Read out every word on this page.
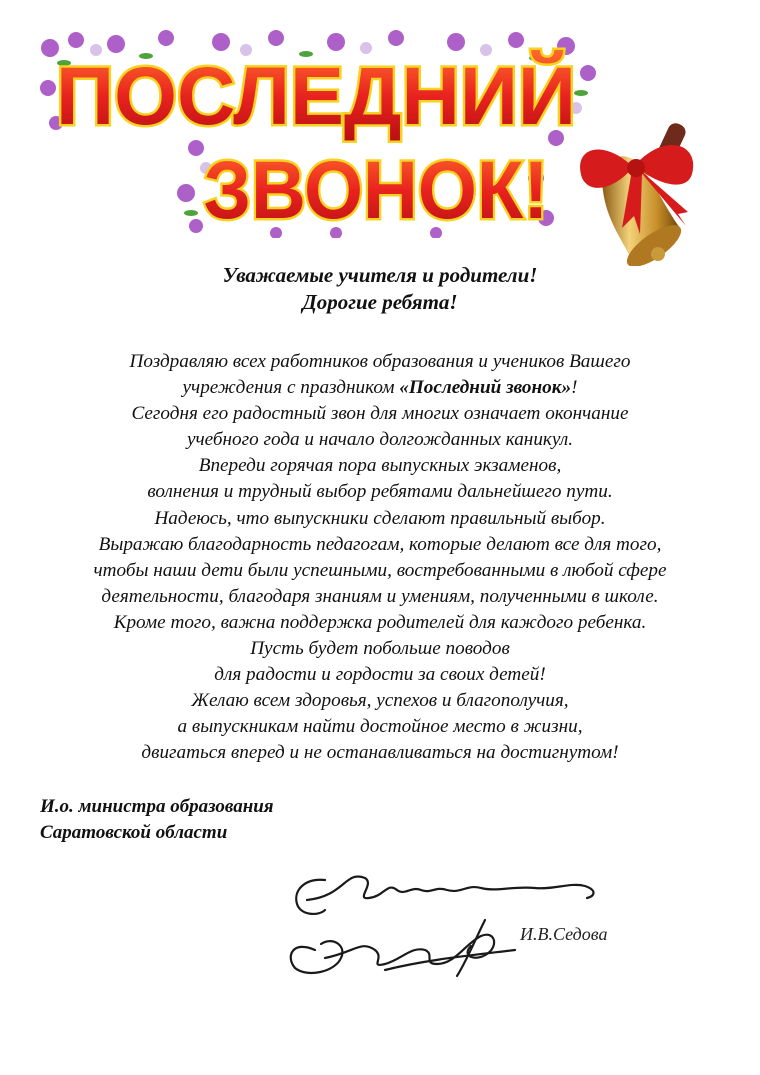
ПОСЛЕДНИЙ
ЗВОНОК!
Уважаемые учителя и родители!
Дорогие ребята!
Поздравляю всех работников образования и учеников Вашего
учреждения с праздником «Последний звонок»!
Сегодня его радостный звон для многих означает окончание
учебного года и начало долгожданных каникул.
Впереди горячая пора выпускных экзаменов,
волнения и трудный выбор ребятами дальнейшего пути.
Надеюсь, что выпускники сделают правильный выбор.
Выражаю благодарность педагогам, которые делают все для того,
чтобы наши дети были успешными, востребованными в любой сфере
деятельности, благодаря знаниям и умениям, полученными в школе.
Кроме того, важна поддержка родителей для каждого ребенка.
Пусть будет побольше поводов
для радости и гордости за своих детей!
Желаю всем здоровья, успехов и благополучия,
а выпускникам найти достойное место в жизни,
двигаться вперед и не останавливаться на достигнутом!
И.о. министра образования
Саратовской области
И.В.Седова
